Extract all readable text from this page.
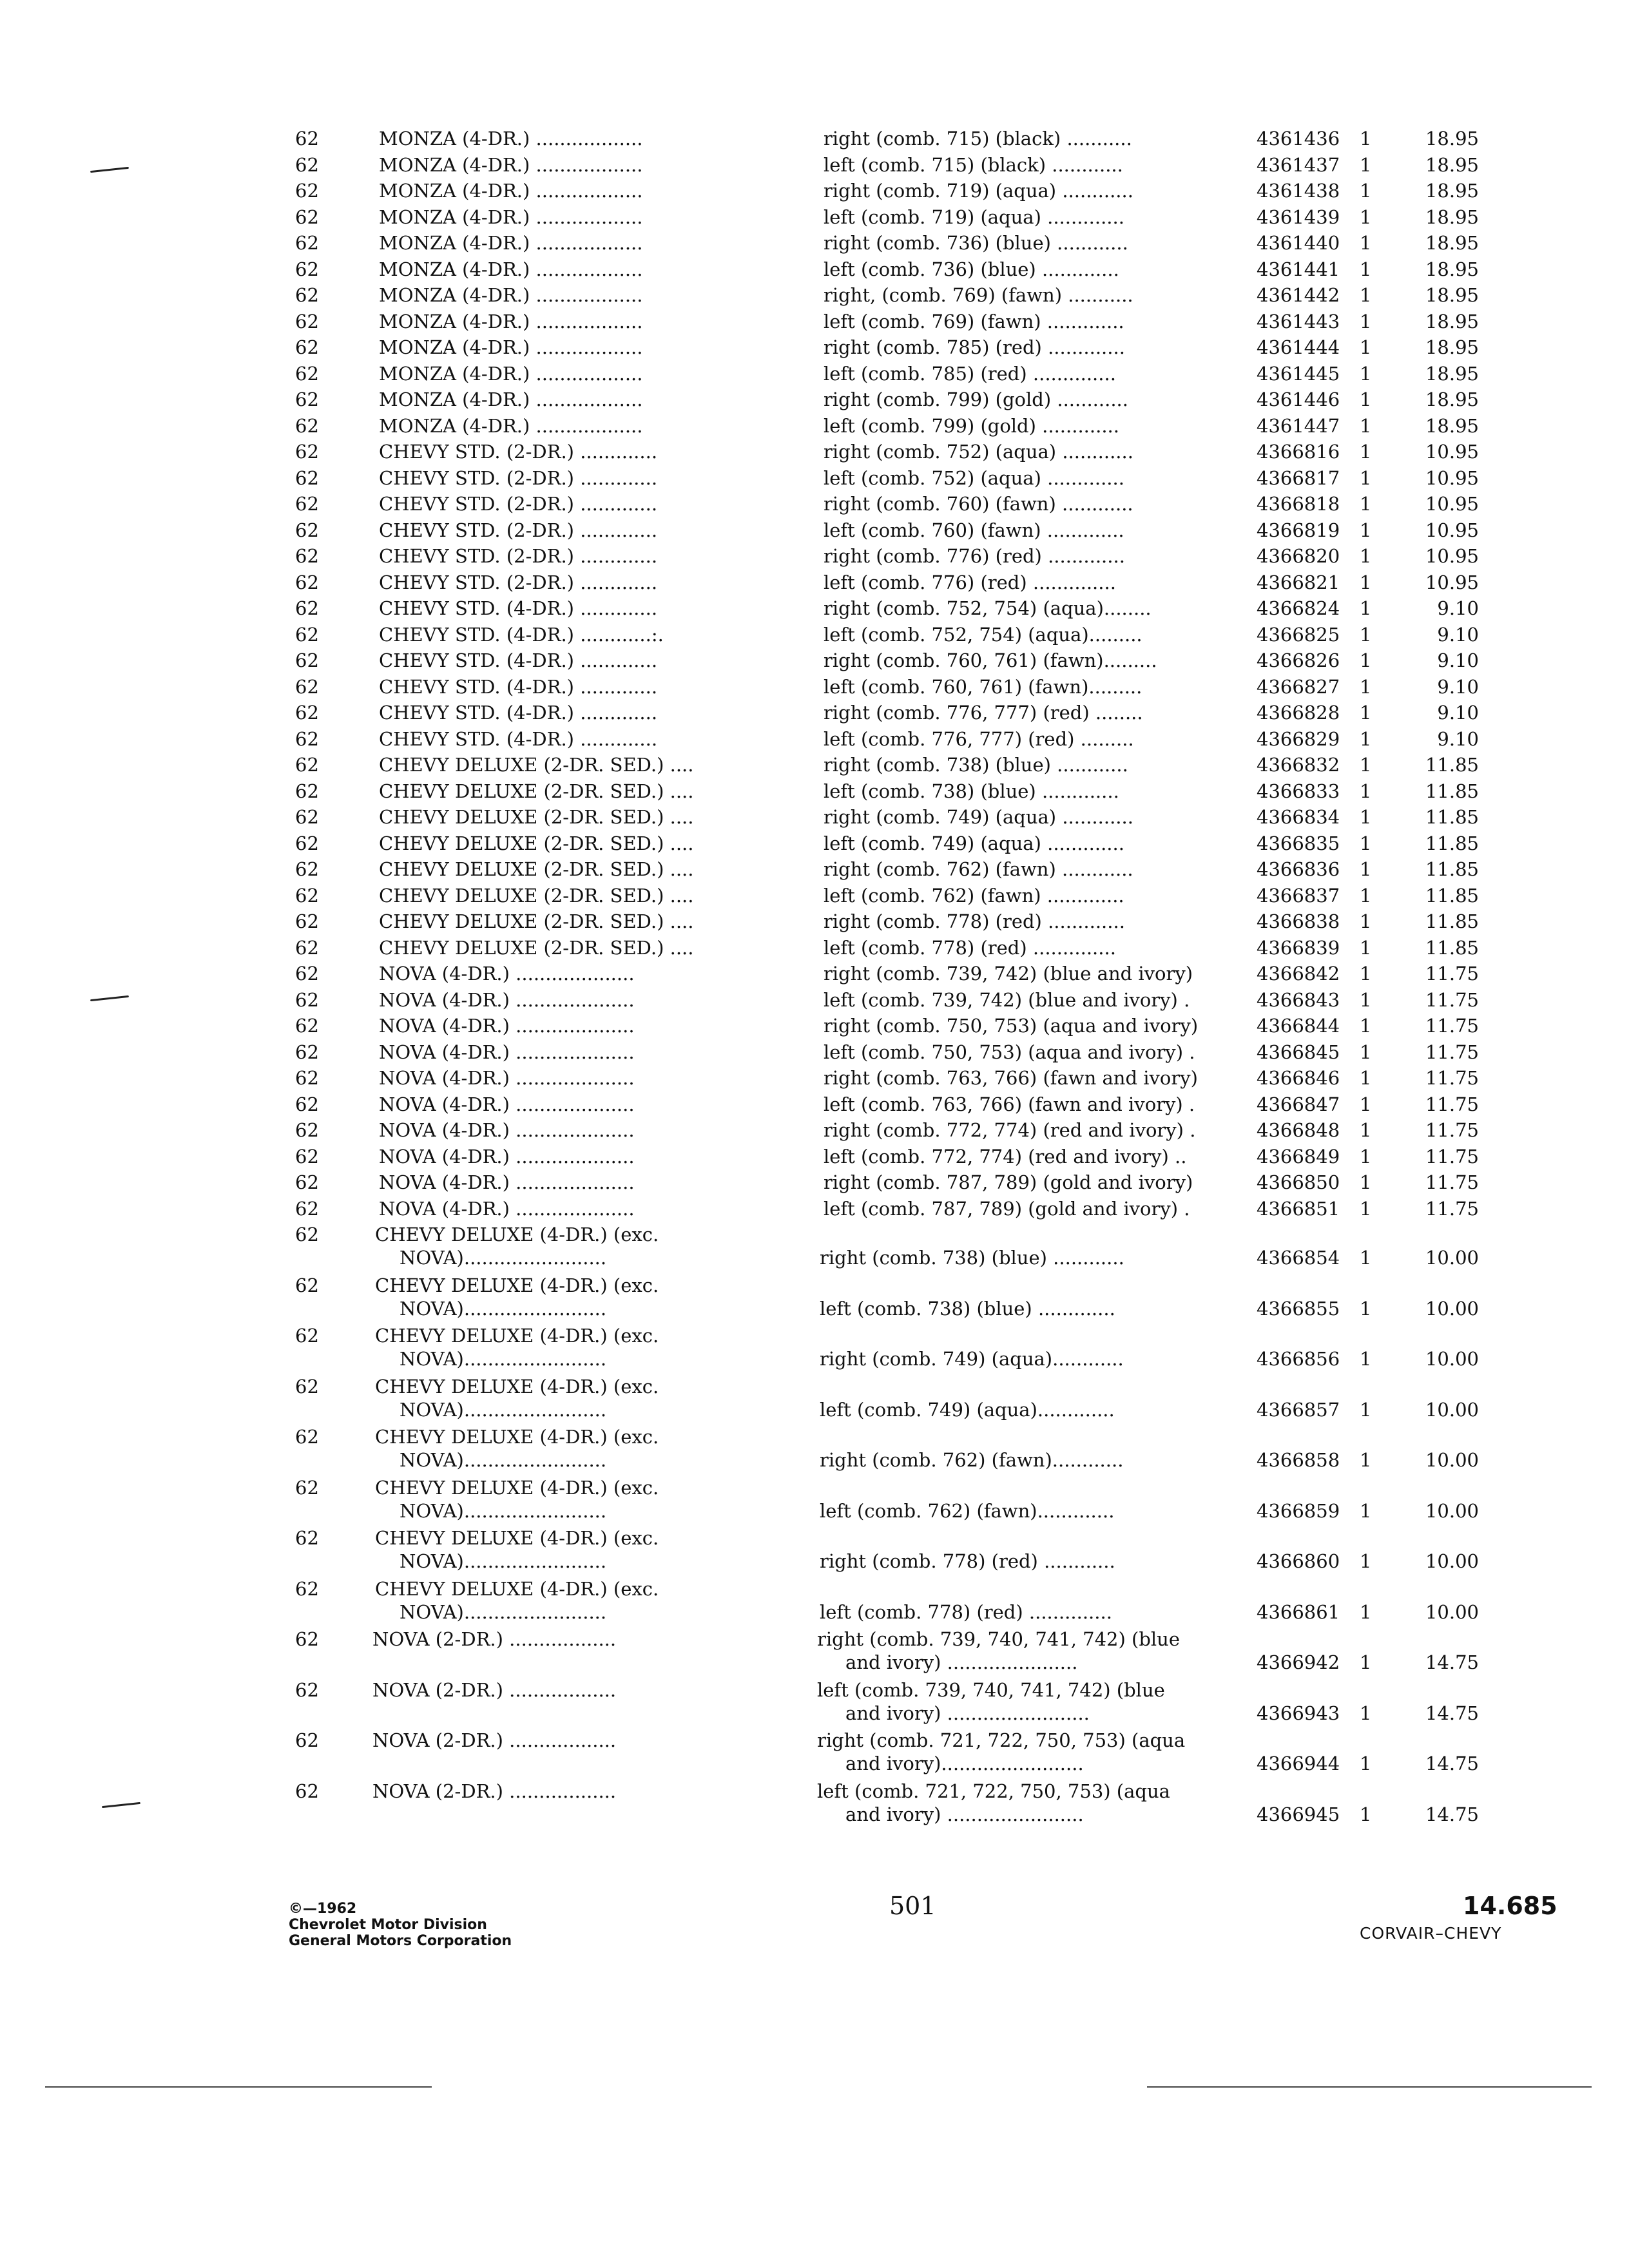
62	MONZA (4-DR.) ..................	right (comb. 715) (black) ...........	4361436 1	18.95
62	MONZA (4-DR.) ..................	left (comb. 715) (black) ............	4361437 1	18.95
62	MONZA (4-DR.) ..................	right (comb. 719) (aqua) ............	4361438 1	18.95
62	MONZA (4-DR.) ..................	left (comb. 719) (aqua) .............	4361439 1	18.95
62	MONZA (4-DR.) ..................	right (comb. 736) (blue) ............	4361440 1	18.95
62	MONZA (4-DR.) ..................	left (comb. 736) (blue) .............	4361441 1	18.95
62	MONZA (4-DR.) ..................	right, (comb. 769) (fawn) ...........	4361442 1	18.95
62	MONZA (4-DR.) ..................	left (comb. 769) (fawn) .............	4361443 1	18.95
62	MONZA (4-DR.) ..................	right (comb. 785) (red) .............	4361444 1	18.95
62	MONZA (4-DR.) ..................	left (comb. 785) (red) ..............	4361445 1	18.95
62	MONZA (4-DR.) ..................	right (comb. 799) (gold) ............	4361446 1	18.95
62	MONZA (4-DR.) ..................	left (comb. 799) (gold) .............	4361447 1	18.95
62	CHEVY STD. (2-DR.) .............	right (comb. 752) (aqua) ............	4366816 1	10.95
62	CHEVY STD. (2-DR.) .............	left (comb. 752) (aqua) .............	4366817 1	10.95
62	CHEVY STD. (2-DR.) .............	right (comb. 760) (fawn) ............	4366818 1	10.95
62	CHEVY STD. (2-DR.) .............	left (comb. 760) (fawn) .............	4366819 1	10.95
62	CHEVY STD. (2-DR.) .............	right (comb. 776) (red) .............	4366820 1	10.95
62	CHEVY STD. (2-DR.) .............	left (comb. 776) (red) ..............	4366821 1	10.95
62	CHEVY STD. (4-DR.) .............	right (comb. 752, 754) (aqua)........	4366824 1	9.10
62	CHEVY STD. (4-DR.) ............:.	left (comb. 752, 754) (aqua).........	4366825 1	9.10
62	CHEVY STD. (4-DR.) .............	right (comb. 760, 761) (fawn).........	4366826 1	9.10
62	CHEVY STD. (4-DR.) .............	left (comb. 760, 761) (fawn).........	4366827 1	9.10
62	CHEVY STD. (4-DR.) .............	right (comb. 776, 777) (red) ........	4366828 1	9.10
62	CHEVY STD. (4-DR.) .............	left (comb. 776, 777) (red) .........	4366829 1	9.10
62	CHEVY DELUXE (2-DR. SED.) ....	right (comb. 738) (blue) ............	4366832 1	11.85
62	CHEVY DELUXE (2-DR. SED.) ....	left (comb. 738) (blue) .............	4366833 1	11.85
62	CHEVY DELUXE (2-DR. SED.) ....	right (comb. 749) (aqua) ............	4366834 1	11.85
62	CHEVY DELUXE (2-DR. SED.) ....	left (comb. 749) (aqua) .............	4366835 1	11.85
62	CHEVY DELUXE (2-DR. SED.) ....	right (comb. 762) (fawn) ............	4366836 1	11.85
62	CHEVY DELUXE (2-DR. SED.) ....	left (comb. 762) (fawn) .............	4366837 1	11.85
62	CHEVY DELUXE (2-DR. SED.) ....	right (comb. 778) (red) .............	4366838 1	11.85
62	CHEVY DELUXE (2-DR. SED.) ....	left (comb. 778) (red) ..............	4366839 1	11.85
62	NOVA (4-DR.) ....................	right (comb. 739, 742) (blue and ivory)	4366842 1	11.75
62	NOVA (4-DR.) ....................	left (comb. 739, 742) (blue and ivory) .	4366843 1	11.75
62	NOVA (4-DR.) ....................	right (comb. 750, 753) (aqua and ivory)	4366844 1	11.75
62	NOVA (4-DR.) ....................	left (comb. 750, 753) (aqua and ivory) .	4366845 1	11.75
62	NOVA (4-DR.) ....................	right (comb. 763, 766) (fawn and ivory)	4366846 1	11.75
62	NOVA (4-DR.) ....................	left (comb. 763, 766) (fawn and ivory) .	4366847 1	11.75
62	NOVA (4-DR.) ....................	right (comb. 772, 774) (red and ivory) .	4366848 1	11.75
62	NOVA (4-DR.) ....................	left (comb. 772, 774) (red and ivory) ..	4366849 1	11.75
62	NOVA (4-DR.) ....................	right (comb. 787, 789) (gold and ivory)	4366850 1	11.75
62	NOVA (4-DR.) ....................	left (comb. 787, 789) (gold and ivory) .	4366851 1	11.75
62	CHEVY DELUXE (4-DR.) (exc.
NOVA)........................	right (comb. 738) (blue) ............	4366854 1	10.00
62	CHEVY DELUXE (4-DR.) (exc.
NOVA)........................	left (comb. 738) (blue) .............	4366855 1	10.00
62	CHEVY DELUXE (4-DR.) (exc.
NOVA)........................	right (comb. 749) (aqua)............	4366856 1	10.00
62	CHEVY DELUXE (4-DR.) (exc.
NOVA)........................	left (comb. 749) (aqua).............	4366857 1	10.00
62	CHEVY DELUXE (4-DR.) (exc.
NOVA)........................	right (comb. 762) (fawn)............	4366858 1	10.00
62	CHEVY DELUXE (4-DR.) (exc.
NOVA)........................	left (comb. 762) (fawn).............	4366859 1	10.00
62	CHEVY DELUXE (4-DR.) (exc.
NOVA)........................	right (comb. 778) (red) ............	4366860 1	10.00
62	CHEVY DELUXE (4-DR.) (exc.
NOVA)........................	left (comb. 778) (red) ..............	4366861 1	10.00
62	NOVA (2-DR.) ..................	right (comb. 739, 740, 741, 742) (blue
and ivory) ......................	4366942 1	14.75
62	NOVA (2-DR.) ..................	left (comb. 739, 740, 741, 742) (blue
and ivory) ........................	4366943 1	14.75
62	NOVA (2-DR.) ..................	right (comb. 721, 722, 750, 753) (aqua
and ivory)........................	4366944 1	14.75
62	NOVA (2-DR.) ..................	left (comb. 721, 722, 750, 753) (aqua
and ivory) .......................	4366945 1	14.75
©—1962
Chevrolet Motor Division
General Motors Corporation
501	14.685
CORVAIR–CHEVY
